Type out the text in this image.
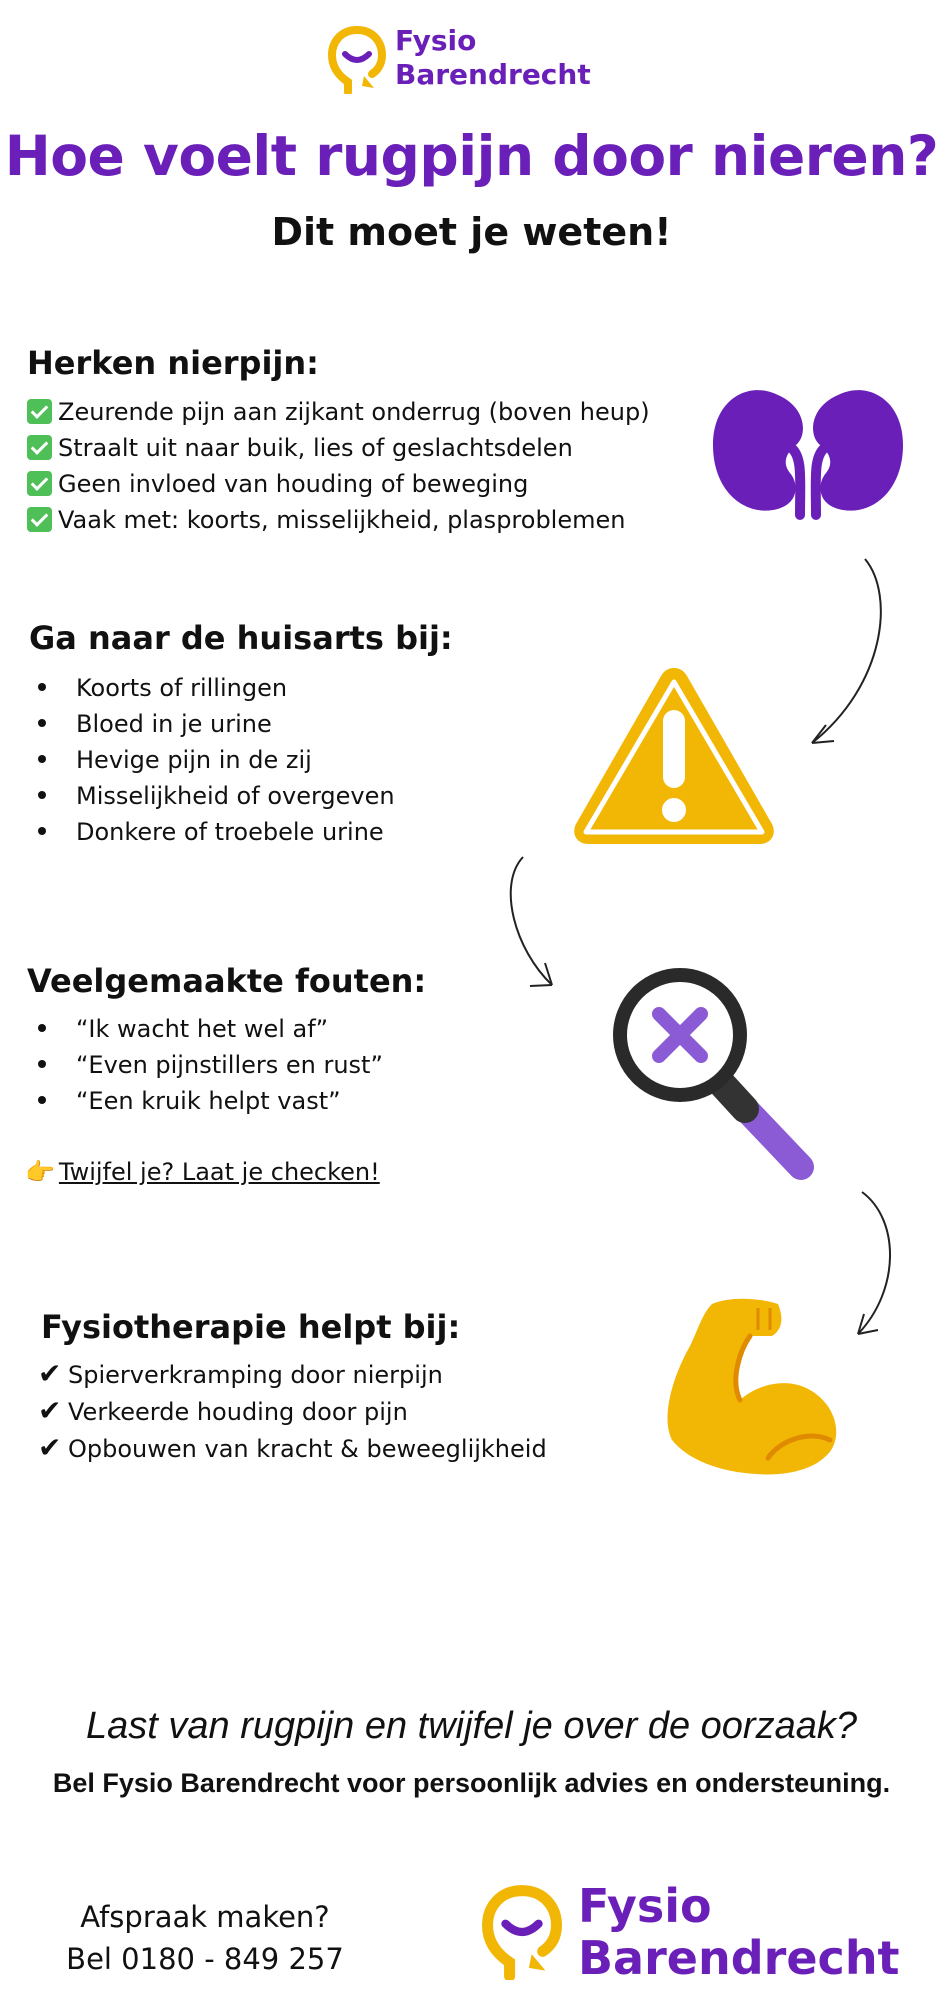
Fysio
Barendrecht
Hoe voelt rugpijn door nieren?
Dit moet je weten!
Herken nierpijn:
Zeurende pijn aan zijkant onderrug (boven heup)
Straalt uit naar buik, lies of geslachtsdelen
Geen invloed van houding of beweging
Vaak met: koorts, misselijkheid, plasproblemen
Ga naar de huisarts bij:
Koorts of rillingen
Bloed in je urine
Hevige pijn in de zij
Misselijkheid of overgeven
Donkere of troebele urine
Veelgemaakte fouten:
“Ik wacht het wel af”
“Even pijnstillers en rust”
“Een kruik helpt vast”
👉 Twijfel je? Laat je checken!
Fysiotherapie helpt bij:
✔ Spierverkramping door nierpijn
✔ Verkeerde houding door pijn
✔ Opbouwen van kracht & beweeglijkheid
Last van rugpijn en twijfel je over de oorzaak?
Bel Fysio Barendrecht voor persoonlijk advies en ondersteuning.
Afspraak maken?
Bel 0180 - 849 257
Fysio
Barendrecht
